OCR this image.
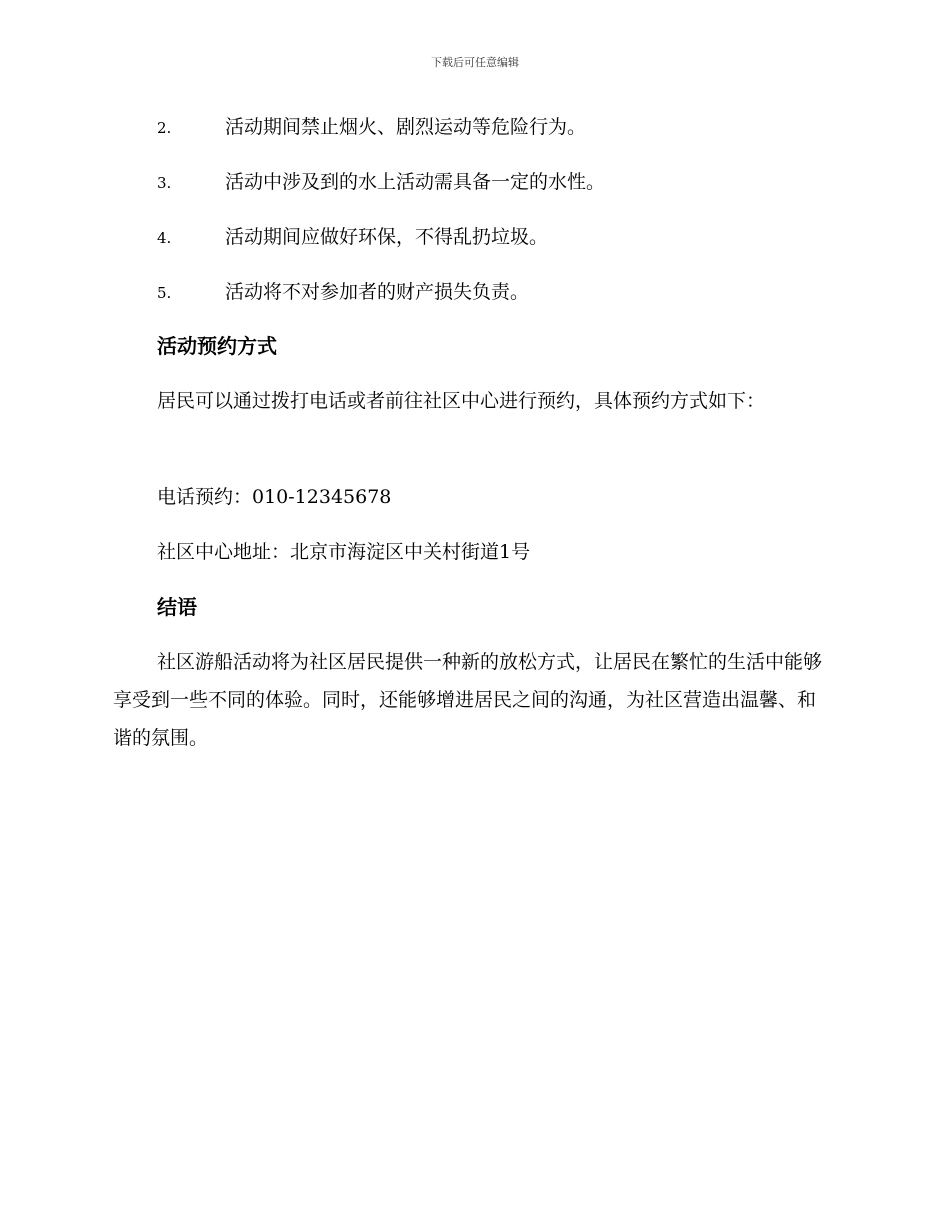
下载后可任意编辑
2.	活动期间禁止烟火、剧烈运动等危险行为。
3.	活动中涉及到的水上活动需具备一定的水性。
4.	活动期间应做好环保，不得乱扔垃圾。
5.	活动将不对参加者的财产损失负责。
活动预约方式

居民可以通过拨打电话或者前往社区中心进行预约，具体预约方式如下：

电话预约：010-12345678
社区中心地址：北京市海淀区中关村街道1号
结语

社区游船活动将为社区居民提供一种新的放松方式，让居民在繁忙的生活中能够享受到一些不同的体验。同时，还能够增进居民之间的沟通，为社区营造出温馨、和谐的氛围。
